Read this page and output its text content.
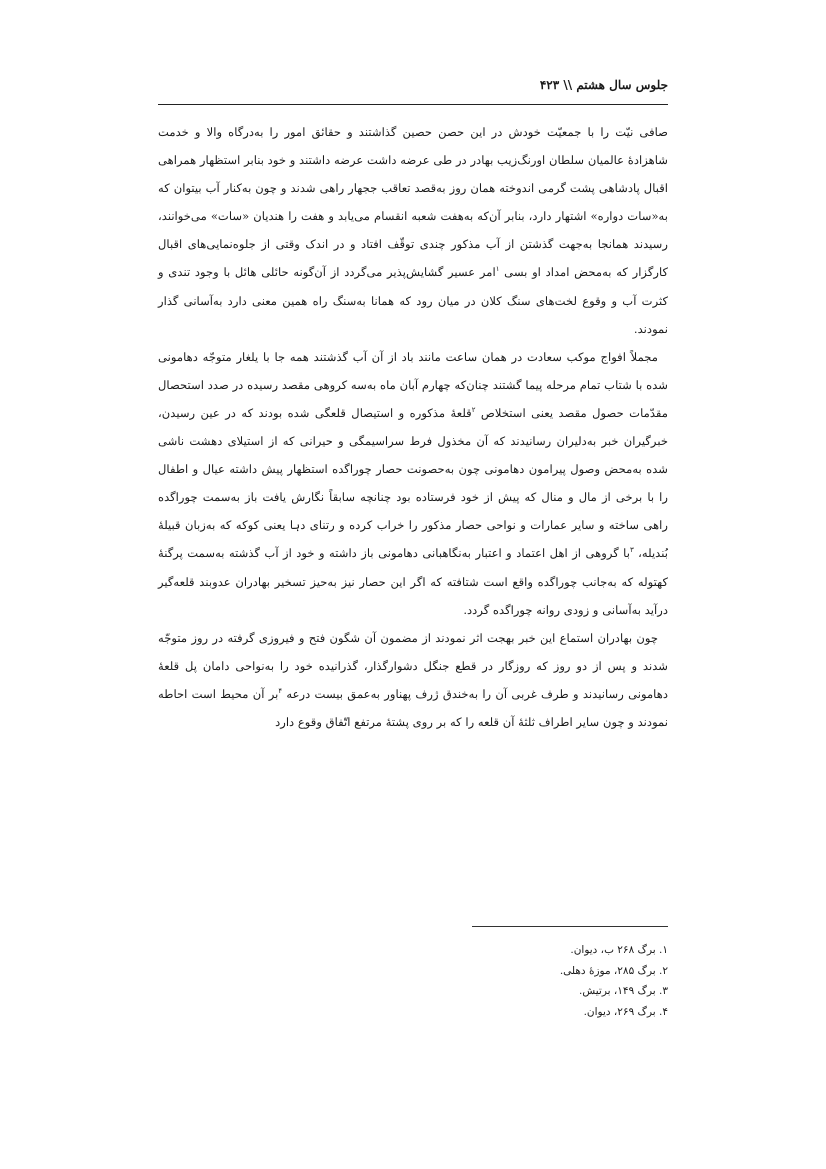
جلوس سال هشتم \\ ۴۲۳

صافی نیّت را با جمعیّت خودش در این حصن حصین گذاشتند و حقائق امور را به‌درگاه والا و خدمت شاهزادهٔ عالمیان سلطان اورنگ‌زیب بهادر در طی عرضه داشت عرضه داشتند و خود بنابر استظهار همراهی اقبال پادشاهی پشت گرمی اندوخته همان روز به‌قصد تعاقب ججهار راهی شدند و چون به‌کنار آب بیتوان که به«سات دواره» اشتهار دارد، بنابر آن‌که به‌هفت شعبه انقسام می‌یابد و هفت را هندیان «سات» می‌خوانند، رسیدند همانجا به‌جهت گذشتن از آب مذکور چندی توقّف افتاد و در اندک وقتی از جلوه‌نمایی‌های اقبال کارگزار که به‌محض امداد او بسی $^۱$امر عسیر گشایش‌پذیر می‌گردد از آن‌گونه حائلی هائل با وجود تندی و کثرت آب و وقوع لخت‌های سنگ کلان در میان رود که همانا به‌سنگ راه همین معنی دارد به‌آسانی گذار نمودند.

مجملاً افواج موکب سعادت در همان ساعت مانند باد از آن آب گذشتند همه جا با یلغار متوجّه دهامونی شده با شتاب تمام مرحله پیما گشتند چنان‌که چهارم آبان ماه به‌سه کروهی مقصد رسیده در صدد استحصال مقدّمات حصول مقصد یعنی استخلاص $^۲$قلعهٔ مذکوره و استیصال قلعگی شده بودند که در عین رسیدن، خبرگیران خبر به‌دلیران رسانیدند که آن مخذول فرط سراسیمگی و حیرانی که از استیلای دهشت ناشی شده به‌محض وصول پیرامون دهامونی چون به‌حصونت حصار چوراگده استظهار پیش داشته عیال و اطفال را با برخی از مال و منال که پیش از خود فرستاده بود چنانچه سابقاً نگارش یافت باز به‌سمت چوراگده راهی ساخته و سایر عمارات و نواحی حصار مذکور را خراب کرده و رتنای دہا یعنی کوکه که به‌زبان قبیلهٔ بُندیله، $^۳$با گروهی از اهل اعتماد و اعتبار به‌نگاهبانی دهامونی باز داشته و خود از آب گذشته به‌سمت پرگنهٔ کهتوله که به‌جانب چوراگده واقع است شتافته که اگر این حصار نیز به‌حیز تسخیر بهادران عدوبند قلعه‌گیر درآید به‌آسانی و زودی روانه چوراگده گردد.

چون بهادران استماع این خبر بهجت اثر نمودند از مضمون آن شگون فتح و فیروزی گرفته در روز متوجّه شدند و پس از دو روز که روزگار در قطع جنگل دشوارگذار، گذرانیده خود را به‌نواحی دامان پل قلعهٔ دهامونی رسانیدند و طرف غربی آن را به‌خندق ژرف پهناور به‌عمق بیست درعه $^۴$بر آن محیط است احاطه نمودند و چون سایر اطراف ثلثهٔ آن قلعه را که بر روی پشتهٔ مرتفع اتّفاق وقوع دارد

۱. برگ ۲۶۸ ب، دیوان.

۲. برگ ۲۸۵، موزهٔ دهلی.

۳. برگ ۱۴۹، برتیش.

۴. برگ ۲۶۹، دیوان.
